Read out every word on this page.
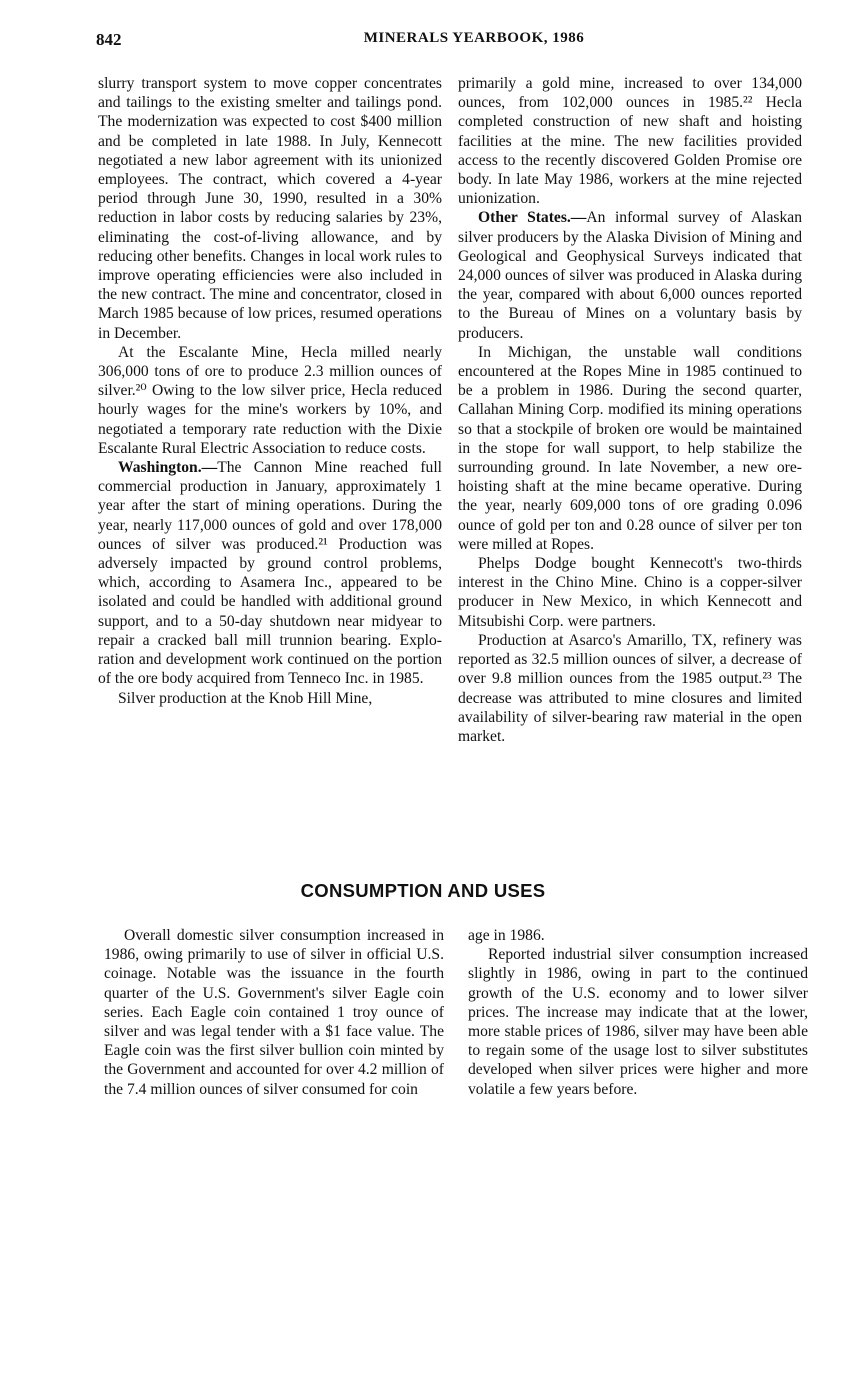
842	MINERALS YEARBOOK, 1986

slurry transport system to move copper concentrates and tailings to the existing smelter and tailings pond. The modernization was expected to cost $400 million and be completed in late 1988. In July, Kennecott negotiated a new labor agreement with its unionized employees. The contract, which covered a 4-year period through June 30, 1990, resulted in a 30% reduction in labor costs by reducing salaries by 23%, eliminating the cost-of-living allowance, and by reducing other benefits. Changes in local work rules to improve operating efficiencies were also included in the new contract. The mine and concentrator, closed in March 1985 because of low prices, resumed operations in December.

At the Escalante Mine, Hecla milled nearly 306,000 tons of ore to produce 2.3 million ounces of silver.²⁰ Owing to the low silver price, Hecla reduced hourly wages for the mine's workers by 10%, and negotiated a temporary rate reduction with the Dixie Escalante Rural Electric Association to reduce costs.

Washington.—The Cannon Mine reached full commercial production in January, approximately 1 year after the start of mining operations. During the year, nearly 117,000 ounces of gold and over 178,000 ounces of silver was produced.²¹ Production was adversely impacted by ground control problems, which, according to Asamera Inc., appeared to be isolated and could be handled with additional ground support, and to a 50-day shutdown near midyear to repair a cracked ball mill trunnion bearing. Exploration and development work continued on the portion of the ore body acquired from Tenneco Inc. in 1985.

Silver production at the Knob Hill Mine,

primarily a gold mine, increased to over 134,000 ounces, from 102,000 ounces in 1985.²² Hecla completed construction of new shaft and hoisting facilities at the mine. The new facilities provided access to the recently discovered Golden Promise ore body. In late May 1986, workers at the mine rejected unionization.

Other States.—An informal survey of Alaskan silver producers by the Alaska Division of Mining and Geological and Geophysical Surveys indicated that 24,000 ounces of silver was produced in Alaska during the year, compared with about 6,000 ounces reported to the Bureau of Mines on a voluntary basis by producers.

In Michigan, the unstable wall conditions encountered at the Ropes Mine in 1985 continued to be a problem in 1986. During the second quarter, Callahan Mining Corp. modified its mining operations so that a stockpile of broken ore would be maintained in the stope for wall support, to help stabilize the surrounding ground. In late November, a new ore-hoisting shaft at the mine became operative. During the year, nearly 609,000 tons of ore grading 0.096 ounce of gold per ton and 0.28 ounce of silver per ton were milled at Ropes.

Phelps Dodge bought Kennecott's two-thirds interest in the Chino Mine. Chino is a copper-silver producer in New Mexico, in which Kennecott and Mitsubishi Corp. were partners.

Production at Asarco's Amarillo, TX, refinery was reported as 32.5 million ounces of silver, a decrease of over 9.8 million ounces from the 1985 output.²³ The decrease was attributed to mine closures and limited availability of silver-bearing raw material in the open market.

CONSUMPTION AND USES

Overall domestic silver consumption increased in 1986, owing primarily to use of silver in official U.S. coinage. Notable was the issuance in the fourth quarter of the U.S. Government's silver Eagle coin series. Each Eagle coin contained 1 troy ounce of silver and was legal tender with a $1 face value. The Eagle coin was the first silver bullion coin minted by the Government and accounted for over 4.2 million of the 7.4 million ounces of silver consumed for coin

age in 1986.

Reported industrial silver consumption increased slightly in 1986, owing in part to the continued growth of the U.S. economy and to lower silver prices. The increase may indicate that at the lower, more stable prices of 1986, silver may have been able to regain some of the usage lost to silver substitutes developed when silver prices were higher and more volatile a few years before.
